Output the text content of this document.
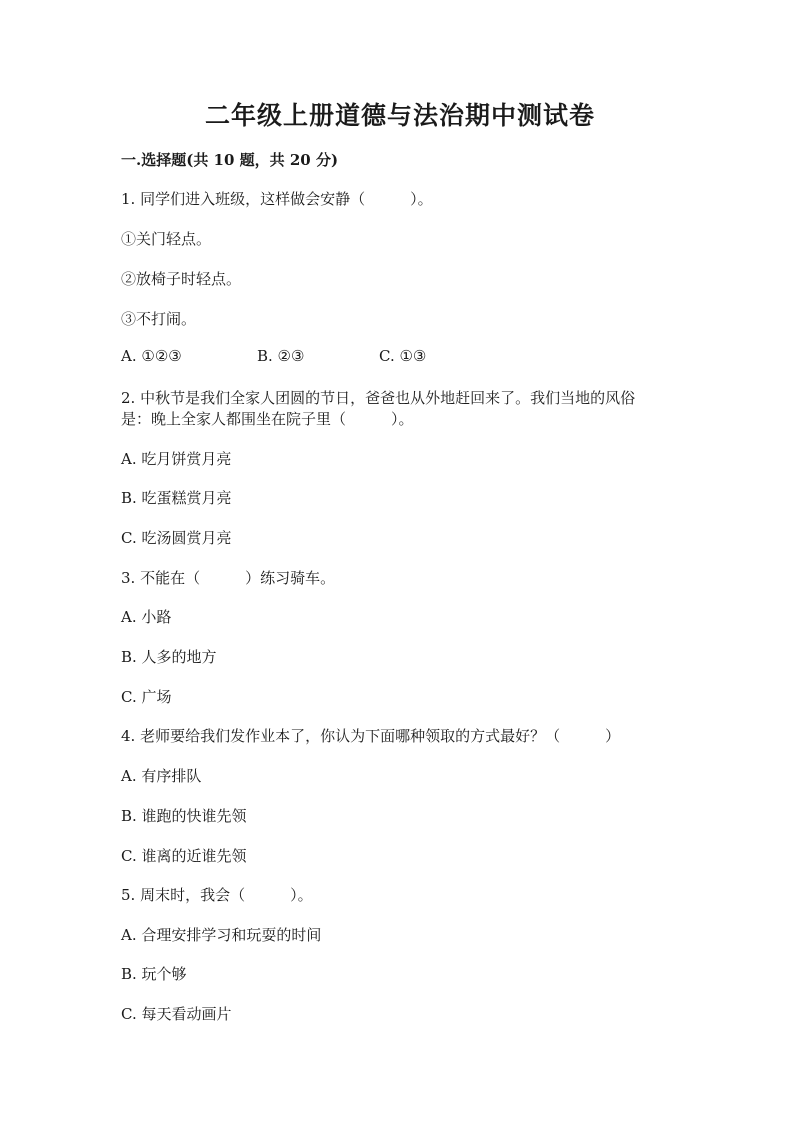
二年级上册道德与法治期中测试卷
一.选择题(共 10 题，共 20 分)
1. 同学们进入班级，这样做会安静（　　　）。
①关门轻点。
②放椅子时轻点。
③不打闹。
A. ①②③	B. ②③	C. ①③
2. 中秋节是我们全家人团圆的节日，爸爸也从外地赶回来了。我们当地的风俗
是：晚上全家人都围坐在院子里（　　　）。
A. 吃月饼赏月亮
B. 吃蛋糕赏月亮
C. 吃汤圆赏月亮
3. 不能在（　　　）练习骑车。
A. 小路
B. 人多的地方
C. 广场
4. 老师要给我们发作业本了，你认为下面哪种领取的方式最好？（　　　）
A. 有序排队
B. 谁跑的快谁先领
C. 谁离的近谁先领
5. 周末时，我会（　　　）。
A. 合理安排学习和玩耍的时间
B. 玩个够
C. 每天看动画片
